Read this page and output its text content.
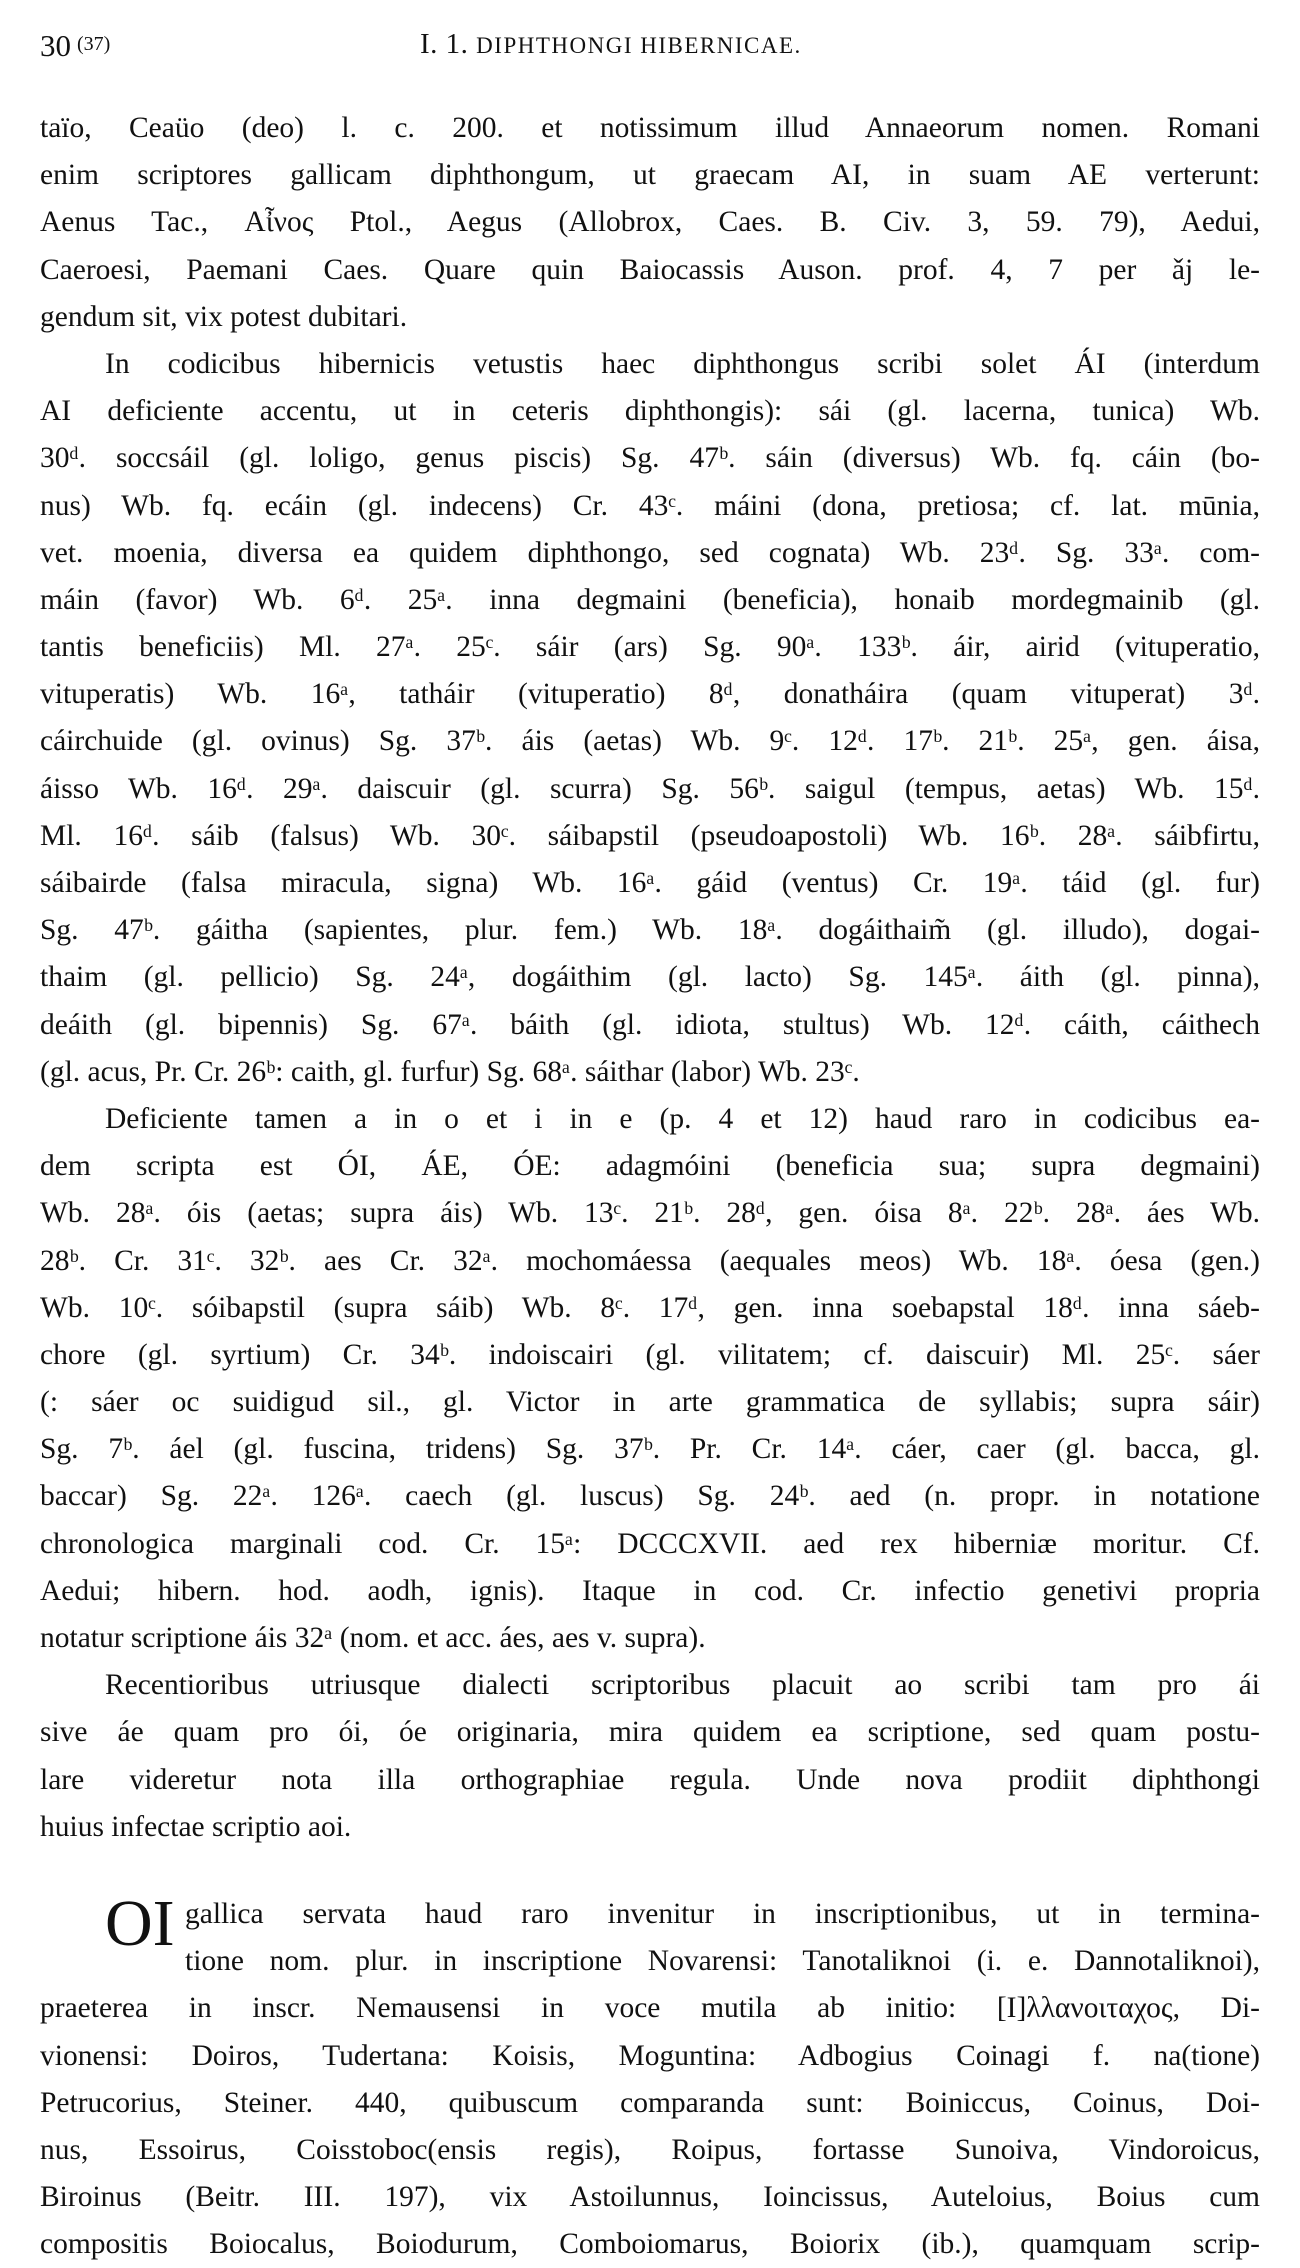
30 $^{(37)}$	I. 1. DIPHTHONGI HIBERNICAE.
taïo, Ceaüo (deo) l. c. 200. et notissimum illud Annaeorum nomen. Romani
enim scriptores gallicam diphthongum, ut graecam AI, in suam AE verterunt:
Aenus Tac., Αἶνος Ptol., Aegus (Allobrox, Caes. B. Civ. 3, 59. 79), Aedui,
Caeroesi, Paemani Caes. Quare quin Baiocassis Auson. prof. 4, 7 per ǎj le-
gendum sit, vix potest dubitari.
In codicibus hibernicis vetustis haec diphthongus scribi solet ÁI (interdum
AI deficiente accentu, ut in ceteris diphthongis): sái (gl. lacerna, tunica) Wb.
30ᵈ. soccsáil (gl. loligo, genus piscis) Sg. 47ᵇ. sáin (diversus) Wb. fq. cáin (bo-
nus) Wb. fq. ecáin (gl. indecens) Cr. 43ᶜ. máini (dona, pretiosa; cf. lat. mūnia,
vet. moenia, diversa ea quidem diphthongo, sed cognata) Wb. 23ᵈ. Sg. 33ᵃ. com-
máin (favor) Wb. 6ᵈ. 25ᵃ. inna degmaini (beneficia), honaib mordegmainib (gl.
tantis beneficiis) Ml. 27ᵃ. 25ᶜ. sáir (ars) Sg. 90ᵃ. 133ᵇ. áir, airid (vituperatio,
vituperatis) Wb. 16ᵃ, tatháir (vituperatio) 8ᵈ, donatháira (quam vituperat) 3ᵈ.
cáirchuide (gl. ovinus) Sg. 37ᵇ. áis (aetas) Wb. 9ᶜ. 12ᵈ. 17ᵇ. 21ᵇ. 25ᵃ, gen. áisa,
áisso Wb. 16ᵈ. 29ᵃ. daiscuir (gl. scurra) Sg. 56ᵇ. saigul (tempus, aetas) Wb. 15ᵈ.
Ml. 16ᵈ. sáib (falsus) Wb. 30ᶜ. sáibapstil (pseudoapostoli) Wb. 16ᵇ. 28ᵃ. sáibfirtu,
sáibairde (falsa miracula, signa) Wb. 16ᵃ. gáid (ventus) Cr. 19ᵃ. táid (gl. fur)
Sg. 47ᵇ. gáitha (sapientes, plur. fem.) Wb. 18ᵃ. dogáithaim̃ (gl. illudo), dogai-
thaim (gl. pellicio) Sg. 24ᵃ, dogáithim (gl. lacto) Sg. 145ᵃ. áith (gl. pinna),
deáith (gl. bipennis) Sg. 67ᵃ. báith (gl. idiota, stultus) Wb. 12ᵈ. cáith, cáithech
(gl. acus, Pr. Cr. 26ᵇ: caith, gl. furfur) Sg. 68ᵃ. sáithar (labor) Wb. 23ᶜ.
Deficiente tamen a in o et i in e (p. 4 et 12) haud raro in codicibus ea-
dem scripta est ÓI, ÁE, ÓE: adagmóini (beneficia sua; supra degmaini)
Wb. 28ᵃ. óis (aetas; supra áis) Wb. 13ᶜ. 21ᵇ. 28ᵈ, gen. óisa 8ᵃ. 22ᵇ. 28ᵃ. áes Wb.
28ᵇ. Cr. 31ᶜ. 32ᵇ. aes Cr. 32ᵃ. mochomáessa (aequales meos) Wb. 18ᵃ. óesa (gen.)
Wb. 10ᶜ. sóibapstil (supra sáib) Wb. 8ᶜ. 17ᵈ, gen. inna soebapstal 18ᵈ. inna sáeb-
chore (gl. syrtium) Cr. 34ᵇ. indoiscairi (gl. vilitatem; cf. daiscuir) Ml. 25ᶜ. sáer
(: sáer oc suidigud sil., gl. Victor in arte grammatica de syllabis; supra sáir)
Sg. 7ᵇ. áel (gl. fuscina, tridens) Sg. 37ᵇ. Pr. Cr. 14ᵃ. cáer, caer (gl. bacca, gl.
baccar) Sg. 22ᵃ. 126ᵃ. caech (gl. luscus) Sg. 24ᵇ. aed (n. propr. in notatione
chronologica marginali cod. Cr. 15ᵃ: DCCCXVII. aed rex hiberniæ moritur. Cf.
Aedui; hibern. hod. aodh, ignis). Itaque in cod. Cr. infectio genetivi propria
notatur scriptione áis 32ᵃ (nom. et acc. áes, aes v. supra).
Recentioribus utriusque dialecti scriptoribus placuit ao scribi tam pro ái
sive áe quam pro ói, óe originaria, mira quidem ea scriptione, sed quam postu-
lare videretur nota illa orthographiae regula. Unde nova prodiit diphthongi
huius infectae scriptio aoi.
OI gallica servata haud raro invenitur in inscriptionibus, ut in termina-
tione nom. plur. in inscriptione Novarensi: Tanotaliknoi (i. e. Dannotaliknoi),
praeterea in inscr. Nemausensi in voce mutila ab initio: [Ι]λλανοιταχος, Di-
vionensi: Doiros, Tudertana: Koisis, Moguntina: Adbogius Coinagi f. na(tione)
Petrucorius, Steiner. 440, quibuscum comparanda sunt: Boiniccus, Coinus, Doi-
nus, Essoirus, Coisstoboc(ensis regis), Roipus, fortasse Sunoiva, Vindoroicus,
Biroinus (Beitr. III. 197), vix Astoilunnus, Ioincissus, Auteloius, Boius cum
compositis Boiocalus, Boiodurum, Comboiomarus, Boiorix (ib.), quamquam scrip-
